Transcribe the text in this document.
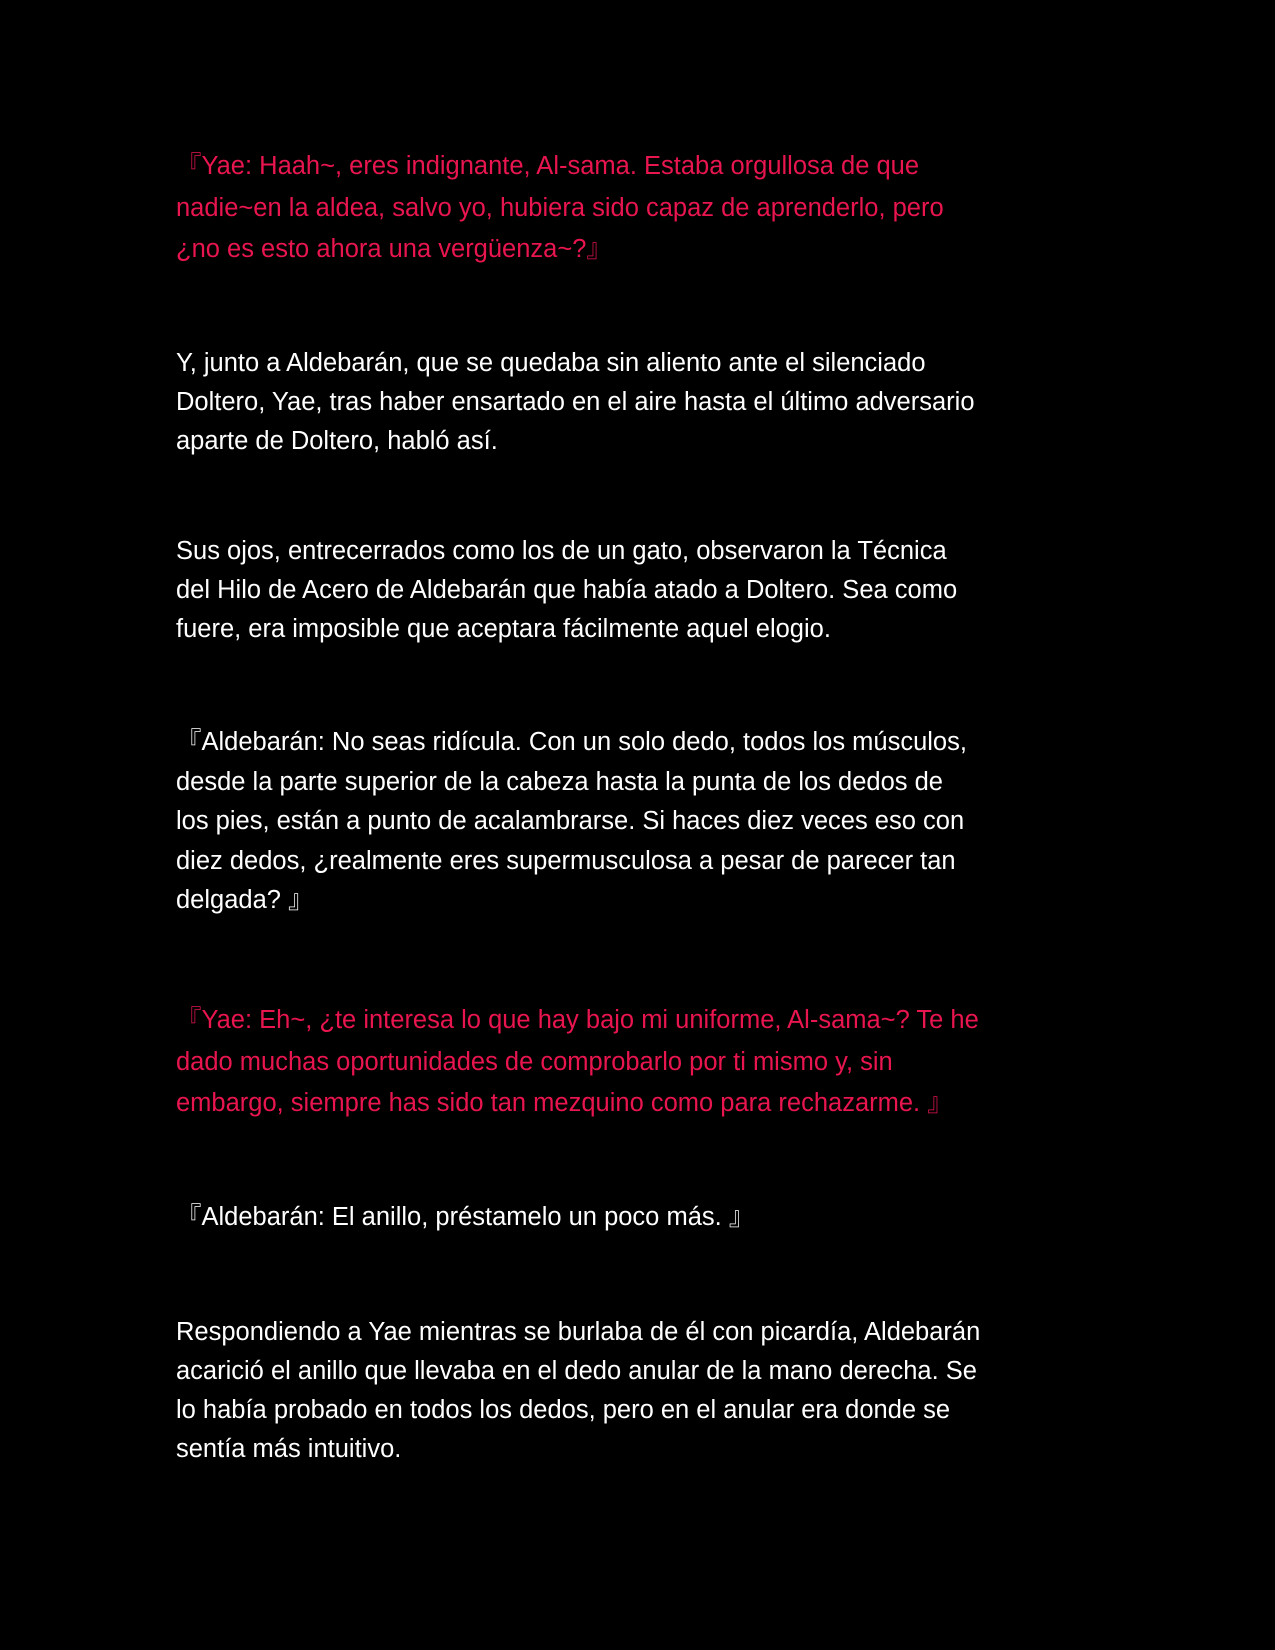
『Yae: Haah~, eres indignante, Al-sama. Estaba orgullosa de que
nadie~en la aldea, salvo yo, hubiera sido capaz de aprenderlo, pero
¿no es esto ahora una vergüenza~?』

Y, junto a Aldebarán, que se quedaba sin aliento ante el silenciado
Doltero, Yae, tras haber ensartado en el aire hasta el último adversario
aparte de Doltero, habló así.

Sus ojos, entrecerrados como los de un gato, observaron la Técnica
del Hilo de Acero de Aldebarán que había atado a Doltero. Sea como
fuere, era imposible que aceptara fácilmente aquel elogio.

『Aldebarán: No seas ridícula. Con un solo dedo, todos los músculos,
desde la parte superior de la cabeza hasta la punta de los dedos de
los pies, están a punto de acalambrarse. Si haces diez veces eso con
diez dedos, ¿realmente eres supermusculosa a pesar de parecer tan
delgada? 』

『Yae: Eh~, ¿te interesa lo que hay bajo mi uniforme, Al-sama~? Te he
dado muchas oportunidades de comprobarlo por ti mismo y, sin
embargo, siempre has sido tan mezquino como para rechazarme. 』

『Aldebarán: El anillo, préstamelo un poco más. 』

Respondiendo a Yae mientras se burlaba de él con picardía, Aldebarán
acarició el anillo que llevaba en el dedo anular de la mano derecha. Se
lo había probado en todos los dedos, pero en el anular era donde se
sentía más intuitivo.
